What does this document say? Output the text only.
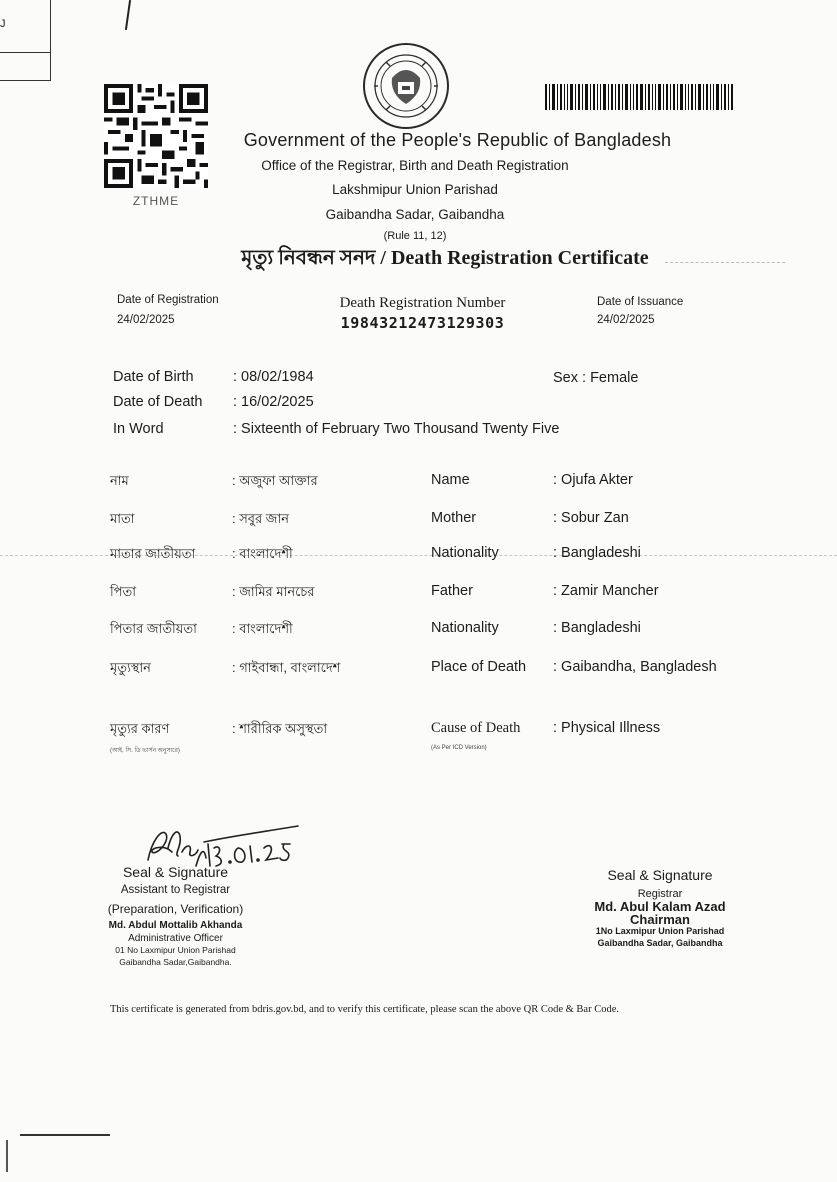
J
ZTHME
Government of the People's Republic of Bangladesh
Office of the Registrar, Birth and Death Registration
Lakshmipur Union Parishad
Gaibandha Sadar, Gaibandha
(Rule 11, 12)
মৃত্যু নিবন্ধন সনদ / Death Registration Certificate
Date of Registration
24/02/2025
Death Registration Number
19843212473129303
Date of Issuance
24/02/2025
Date of Birth	: 08/02/1984
Date of Death : 16/02/2025
In Word	: Sixteenth of February Two Thousand Twenty Five
Sex : Female
নাম	: অজুফা আক্তার	Name	: Ojufa Akter
মাতা	: সবুর জান	Mother	: Sobur Zan
মাতার জাতীয়তা	: বাংলাদেশী	Nationality	: Bangladeshi
পিতা	: জামির মানচের	Father	: Zamir Mancher
পিতার জাতীয়তা	: বাংলাদেশী	Nationality	: Bangladeshi
মৃত্যুস্থান	: গাইবান্ধা, বাংলাদেশ	Place of Death : Gaibandha, Bangladesh
মৃত্যুর কারণ	: শারীরিক অসুস্থতা	Cause of Death : Physical Illness
(আই. সি. ডি ভার্সন অনুসারে)	(As Per ICD Version)
Seal & Signature
Assistant to Registrar
(Preparation, Verification)
Md. Abdul Mottalib Akhanda
Administrative Officer
01 No Laxmipur Union Parishad
Gaibandha Sadar,Gaibandha.
Seal & Signature
Registrar
Md. Abul Kalam Azad
Chairman
1No Laxmipur Union Parishad
Gaibandha Sadar, Gaibandha
This certificate is generated from bdris.gov.bd, and to verify this certificate, please scan the above QR Code & Bar Code.
